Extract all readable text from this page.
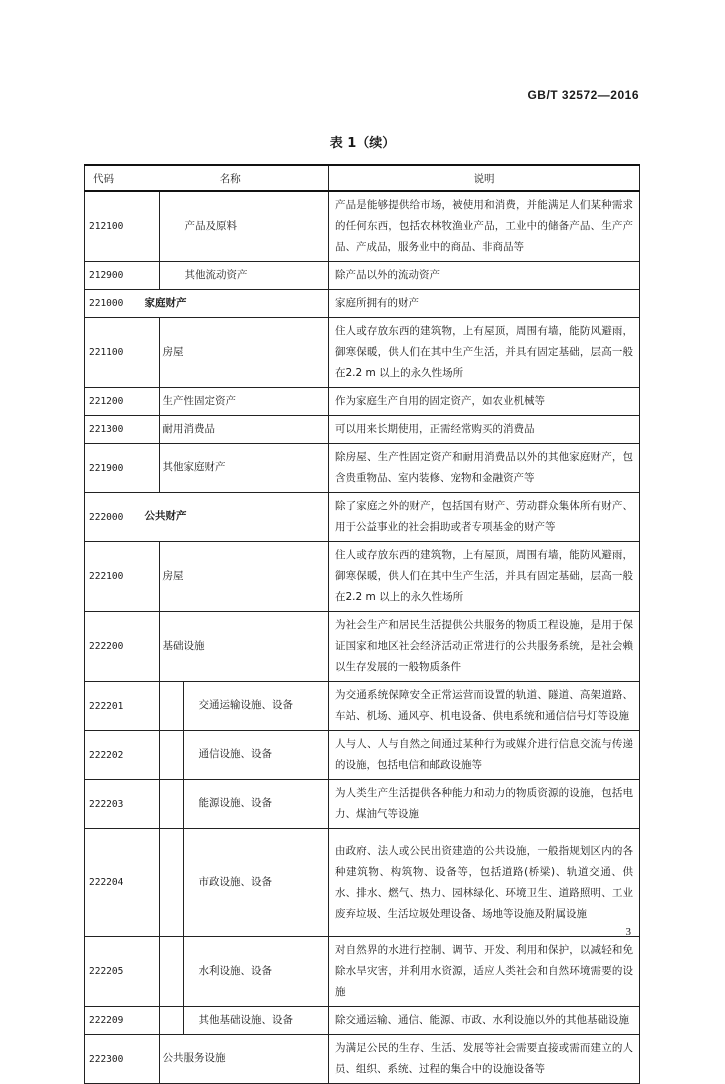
GB/T 32572—2016
表 1（续）
代码	名称	说明
212100	产品及原料	产品是能够提供给市场，被使用和消费，并能满足人们某种需求的任何东西，包括农林牧渔业产品，工业中的储备产品、生产产品、产成品，服务业中的商品、非商品等
212900	其他流动资产	除产品以外的流动资产
221000	家庭财产	家庭所拥有的财产
221100	房屋	住人或存放东西的建筑物，上有屋顶，周围有墙，能防风避雨，御寒保暖，供人们在其中生产生活，并具有固定基础，层高一般在2.2 m 以上的永久性场所
221200	生产性固定资产	作为家庭生产自用的固定资产，如农业机械等
221300	耐用消费品	可以用来长期使用，正需经常购买的消费品
221900	其他家庭财产	除房屋、生产性固定资产和耐用消费品以外的其他家庭财产，包含贵重物品、室内装修、宠物和金融资产等
222000	公共财产	除了家庭之外的财产，包括国有财产、劳动群众集体所有财产、用于公益事业的社会捐助或者专项基金的财产等
222100	房屋	住人或存放东西的建筑物，上有屋顶，周围有墙，能防风避雨，御寒保暖，供人们在其中生产生活，并具有固定基础，层高一般在2.2 m 以上的永久性场所
222200	基础设施	为社会生产和居民生活提供公共服务的物质工程设施，是用于保证国家和地区社会经济活动正常进行的公共服务系统，是社会赖以生存发展的一般物质条件
222201	交通运输设施、设备	为交通系统保障安全正常运营而设置的轨道、隧道、高架道路、车站、机场、通风亭、机电设备、供电系统和通信信号灯等设施
222202	通信设施、设备	人与人、人与自然之间通过某种行为或媒介进行信息交流与传递的设施，包括电信和邮政设施等
222203	能源设施、设备	为人类生产生活提供各种能力和动力的物质资源的设施，包括电力、煤油气等设施
222204	市政设施、设备	由政府、法人或公民出资建造的公共设施，一般指规划区内的各种建筑物、构筑物、设备等，包括道路(桥梁)、轨道交通、供水、排水、燃气、热力、园林绿化、环境卫生、道路照明、工业废弃垃圾、生活垃圾处理设备、场地等设施及附属设施
222205	水利设施、设备	对自然界的水进行控制、调节、开发、利用和保护，以减轻和免除水旱灾害，并利用水资源，适应人类社会和自然环境需要的设施
222209	其他基础设施、设备	除交通运输、通信、能源、市政、水利设施以外的其他基础设施
222300	公共服务设施	为满足公民的生存、生活、发展等社会需要直接或需而建立的人员、组织、系统、过程的集合中的设施设备等
3
